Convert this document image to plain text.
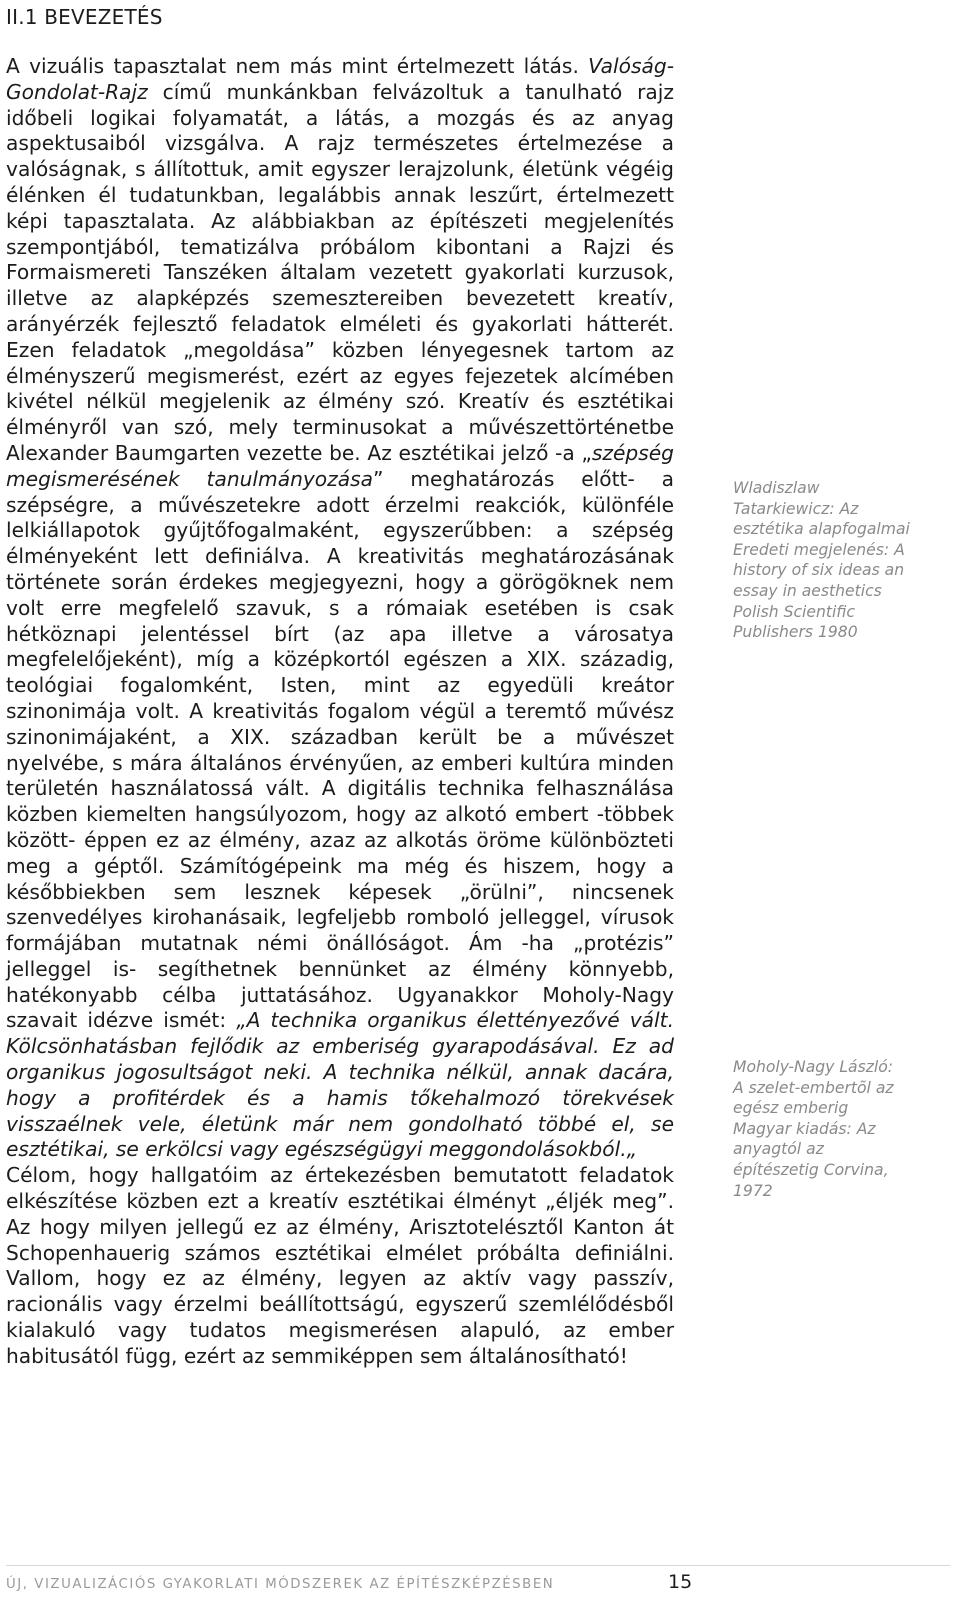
II.1 BEVEZETÉS

A vizuális tapasztalat nem más mint értelmezett látás. Valóság-Gondolat-Rajz című munkánkban felvázoltuk a tanulható rajz időbeli logikai folyamatát, a látás, a mozgás és az anyag aspektusaiból vizsgálva. A rajz természetes értelmezése a valóságnak, s állítottuk, amit egyszer lerajzolunk, életünk végéig élénken él tudatunkban, legalábbis annak leszűrt, értelmezett képi tapasztalata. Az alábbiakban az építészeti megjelenítés szempontjából, tematizálva próbálom kibontani a Rajzi és Formaismereti Tanszéken általam vezetett gyakorlati kurzusok, illetve az alapképzés szemesztereiben bevezetett kreatív, arányérzék fejlesztő feladatok elméleti és gyakorlati hátterét. Ezen feladatok „megoldása” közben lényegesnek tartom az élményszerű megismerést, ezért az egyes fejezetek alcímében kivétel nélkül megjelenik az élmény szó. Kreatív és esztétikai élményről van szó, mely terminusokat a művészettörténetbe Alexander Baumgarten vezette be. Az esztétikai jelző -a „szépség megismerésének tanulmányozása” meghatározás előtt- a szépségre, a művészetekre adott érzelmi reakciók, különféle lelkiállapotok gyűjtőfogalmaként, egyszerűbben: a szépség élményeként lett definiálva. A kreativitás meghatározásának története során érdekes megjegyezni, hogy a görögöknek nem volt erre megfelelő szavuk, s a rómaiak esetében is csak hétköznapi jelentéssel bírt (az apa illetve a városatya megfelelőjeként), míg a középkortól egészen a XIX. századig, teológiai fogalomként, Isten, mint az egyedüli kreátor szinonimája volt. A kreativitás fogalom végül a teremtő művész szinonimájaként, a XIX. században került be a művészet nyelvébe, s mára általános érvényűen, az emberi kultúra minden területén használatossá vált. A digitális technika felhasználása közben kiemelten hangsúlyozom, hogy az alkotó embert -többek között- éppen ez az élmény, azaz az alkotás öröme különbözteti meg a géptől. Számítógépeink ma még és hiszem, hogy a későbbiekben sem lesznek képesek „örülni”, nincsenek szenvedélyes kirohanásaik, legfeljebb romboló jelleggel, vírusok formájában mutatnak némi önállóságot. Ám -ha „protézis” jelleggel is- segíthetnek bennünket az élmény könnyebb, hatékonyabb célba juttatásához. Ugyanakkor Moholy-Nagy szavait idézve ismét: „A technika organikus élettényezővé vált. Kölcsönhatásban fejlődik az emberiség gyarapodásával. Ez ad organikus jogosultságot neki. A technika nélkül, annak dacára, hogy a profitérdek és a hamis tőkehalmozó törekvések visszaélnek vele, életünk már nem gondolható többé el, se esztétikai, se erkölcsi vagy egészségügyi meggondolásokból.„

Célom, hogy hallgatóim az értekezésben bemutatott feladatok elkészítése közben ezt a kreatív esztétikai élményt „éljék meg”. Az hogy milyen jellegű ez az élmény, Arisztotelésztől Kanton át Schopenhauerig számos esztétikai elmélet próbálta definiálni. Vallom, hogy ez az élmény, legyen az aktív vagy passzív, racionális vagy érzelmi beállítottságú, egyszerű szemlélődésből kialakuló vagy tudatos megismerésen alapuló, az ember habitusától függ, ezért az semmiképpen sem általánosítható!

Wladiszlaw
Tatarkiewicz: Az
esztétika alapfogalmai
Eredeti megjelenés: A
history of six ideas an
essay in aesthetics
Polish Scientific
Publishers 1980
Moholy-Nagy László:
A szelet-embertõl az
egész emberig
Magyar kiadás: Az
anyagtól az
építészetig Corvina,
1972
ÚJ, VIZUALIZÁCIÓS GYAKORLATI MÓDSZEREK AZ ÉPÍTÉSZKÉPZÉSBEN	15
